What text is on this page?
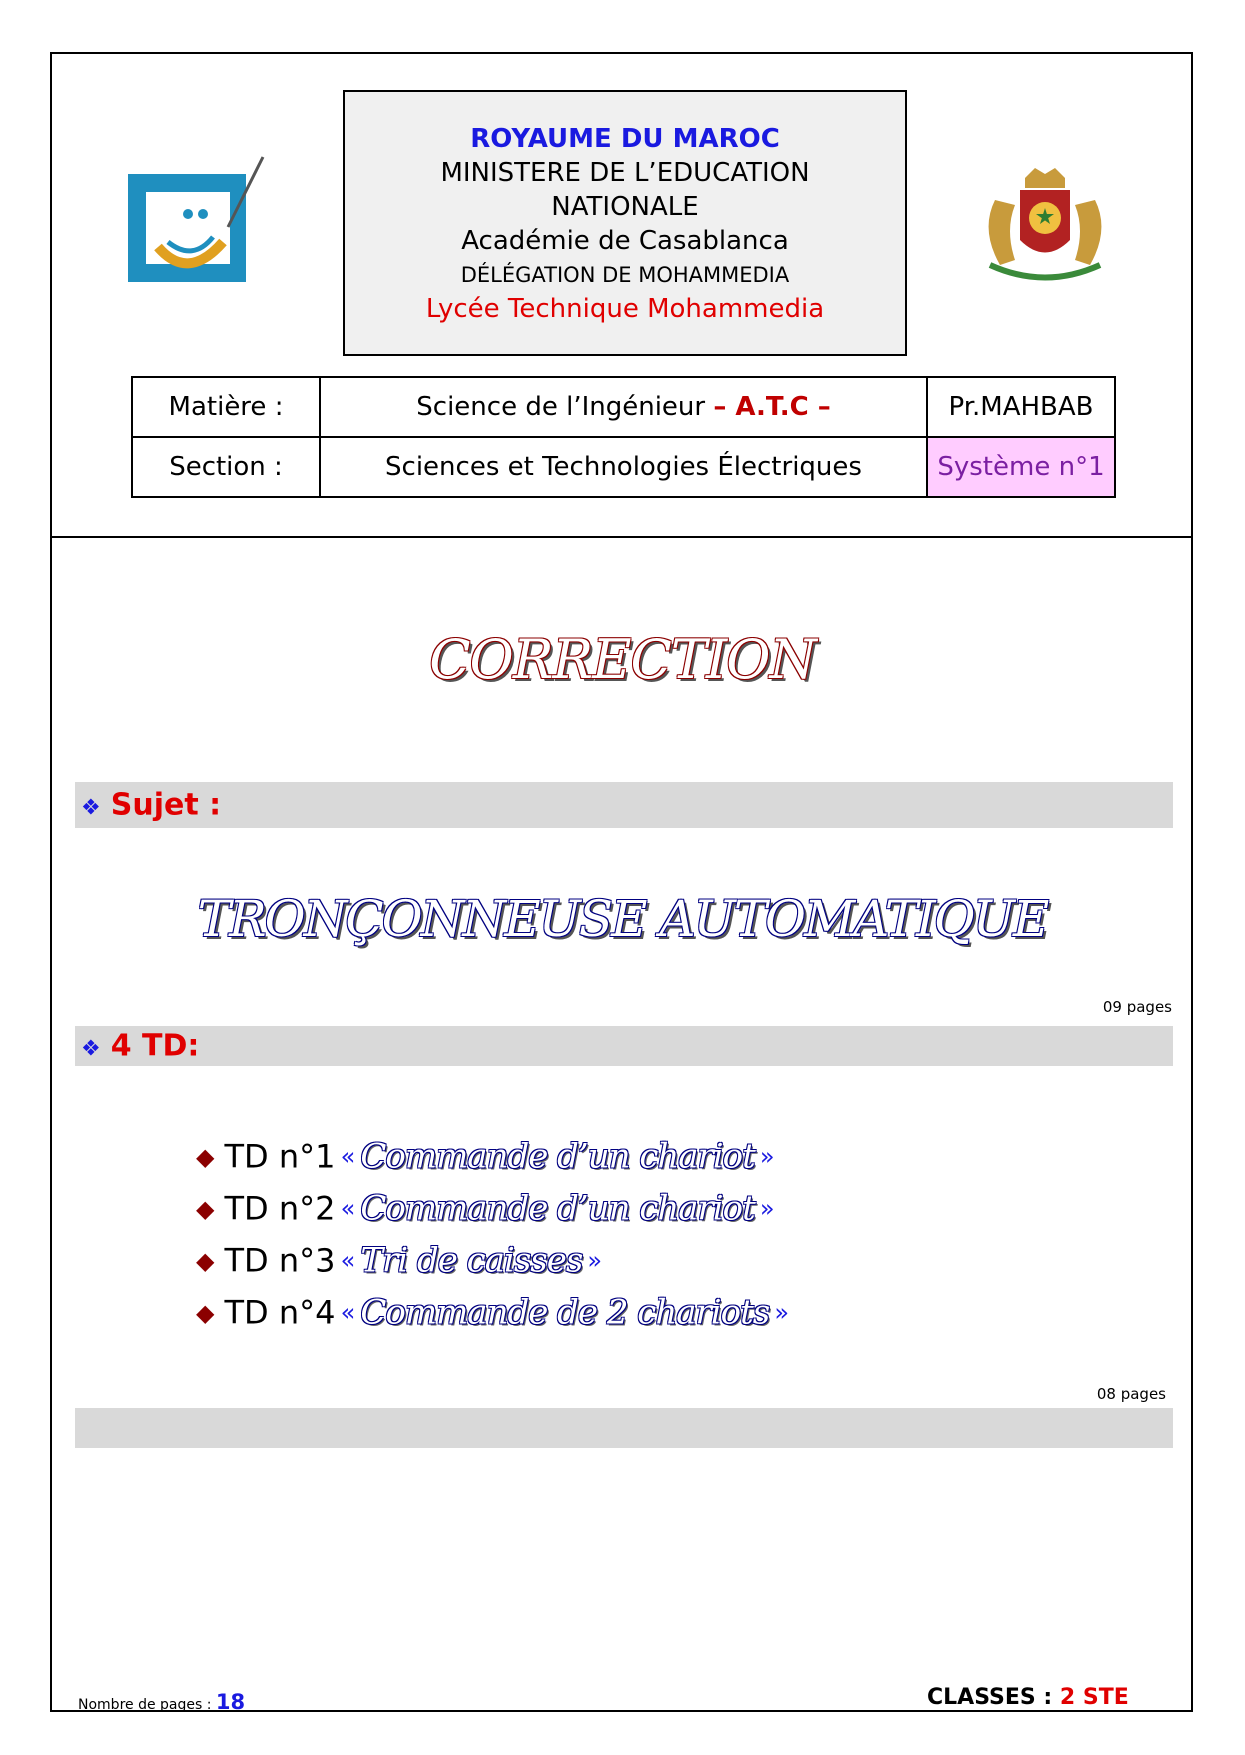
ROYAUME DU MAROC
MINISTERE DE L’EDUCATION
NATIONALE
Académie de Casablanca
DÉLÉGATION DE MOHAMMEDIA
Lycée Technique Mohammedia
Matière :	Science de l’Ingénieur – A.T.C –	Pr.MAHBAB
Section :	Sciences et Technologies Électriques	Système n°1
CORRECTION
❖ Sujet :
TRONÇONNEUSE AUTOMATIQUE
09 pages
❖ 4 TD:
◆ TD n°1 « Commande d’un chariot »
◆ TD n°2 « Commande d’un chariot »
◆ TD n°3 « Tri de caisses »
◆ TD n°4 « Commande de 2 chariots »
08 pages
Nombre de pages : 18	CLASSES : 2 STE
